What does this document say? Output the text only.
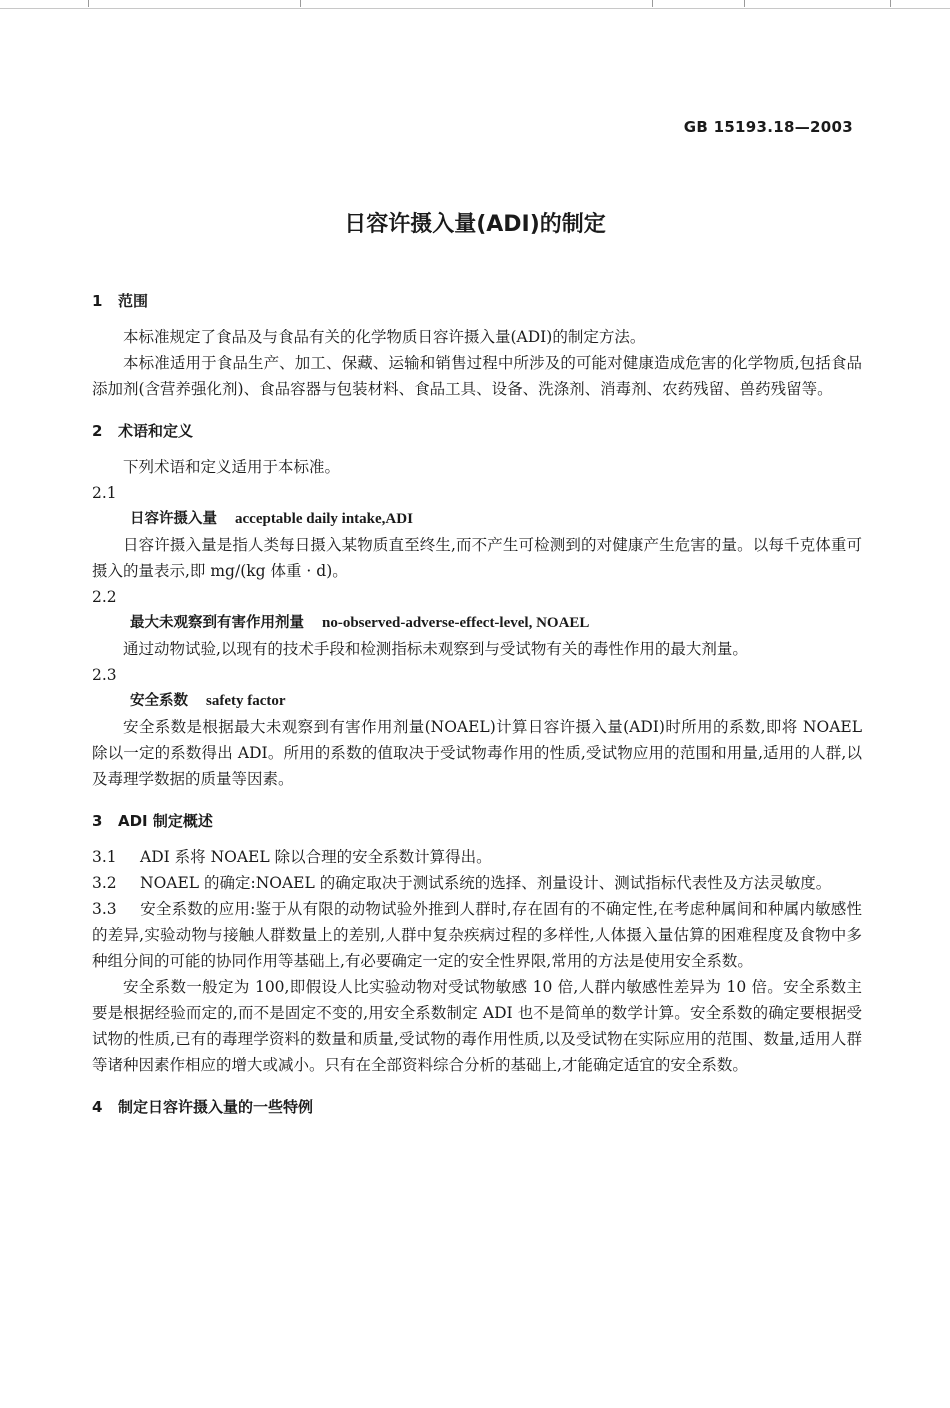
GB 15193.18—2003
日容许摄入量(ADI)的制定
1 范围

本标准规定了食品及与食品有关的化学物质日容许摄入量(ADI)的制定方法。

本标准适用于食品生产、加工、保藏、运输和销售过程中所涉及的可能对健康造成危害的化学物质,包括食品添加剂(含营养强化剂)、食品容器与包装材料、食品工具、设备、洗涤剂、消毒剂、农药残留、兽药残留等。

2 术语和定义

下列术语和定义适用于本标准。

2.1

日容许摄入量 acceptable daily intake,ADI

日容许摄入量是指人类每日摄入某物质直至终生,而不产生可检测到的对健康产生危害的量。以每千克体重可摄入的量表示,即 mg/(kg 体重 · d)。

2.2

最大未观察到有害作用剂量 no-observed-adverse-effect-level, NOAEL

通过动物试验,以现有的技术手段和检测指标未观察到与受试物有关的毒性作用的最大剂量。

2.3

安全系数 safety factor

安全系数是根据最大未观察到有害作用剂量(NOAEL)计算日容许摄入量(ADI)时所用的系数,即将 NOAEL 除以一定的系数得出 ADI。所用的系数的值取决于受试物毒作用的性质,受试物应用的范围和用量,适用的人群,以及毒理学数据的质量等因素。

3 ADI 制定概述

3.1 ADI 系将 NOAEL 除以合理的安全系数计算得出。

3.2 NOAEL 的确定:NOAEL 的确定取决于测试系统的选择、剂量设计、测试指标代表性及方法灵敏度。

3.3 安全系数的应用:鉴于从有限的动物试验外推到人群时,存在固有的不确定性,在考虑种属间和种属内敏感性的差异,实验动物与接触人群数量上的差别,人群中复杂疾病过程的多样性,人体摄入量估算的困难程度及食物中多种组分间的可能的协同作用等基础上,有必要确定一定的安全性界限,常用的方法是使用安全系数。

安全系数一般定为 100,即假设人比实验动物对受试物敏感 10 倍,人群内敏感性差异为 10 倍。安全系数主要是根据经验而定的,而不是固定不变的,用安全系数制定 ADI 也不是简单的数学计算。安全系数的确定要根据受试物的性质,已有的毒理学资料的数量和质量,受试物的毒作用性质,以及受试物在实际应用的范围、数量,适用人群等诸种因素作相应的增大或减小。只有在全部资料综合分析的基础上,才能确定适宜的安全系数。

4 制定日容许摄入量的一些特例
